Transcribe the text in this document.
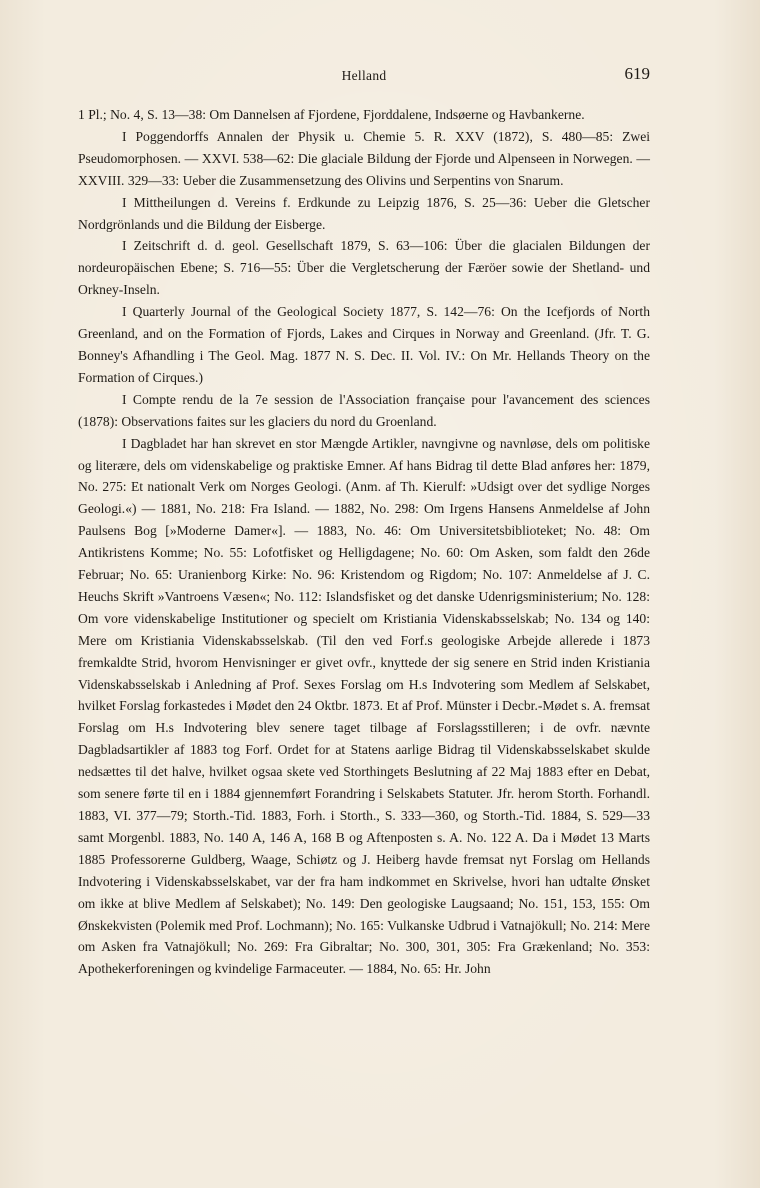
Helland	619

1 Pl.; No. 4, S. 13—38: Om Dannelsen af Fjordene, Fjorddalene, Indsøerne og Havbankerne.

I Poggendorffs Annalen der Physik u. Chemie 5. R. XXV (1872), S. 480—85: Zwei Pseudomorphosen. — XXVI. 538—62: Die glaciale Bildung der Fjorde und Alpenseen in Norwegen. — XXVIII. 329—33: Ueber die Zusammensetzung des Olivins und Serpentins von Snarum.

I Mittheilungen d. Vereins f. Erdkunde zu Leipzig 1876, S. 25—36: Ueber die Gletscher Nordgrönlands und die Bildung der Eisberge.

I Zeitschrift d. d. geol. Gesellschaft 1879, S. 63—106: Über die glacialen Bildungen der nordeuropäischen Ebene; S. 716—55: Über die Vergletscherung der Færöer sowie der Shetland- und Orkney-Inseln.

I Quarterly Journal of the Geological Society 1877, S. 142—76: On the Icefjords of North Greenland, and on the Formation of Fjords, Lakes and Cirques in Norway and Greenland. (Jfr. T. G. Bonney's Afhandling i The Geol. Mag. 1877 N. S. Dec. II. Vol. IV.: On Mr. Hellands Theory on the Formation of Cirques.)

I Compte rendu de la 7e session de l'Association française pour l'avancement des sciences (1878): Observations faites sur les glaciers du nord du Groenland.

I Dagbladet har han skrevet en stor Mængde Artikler, navngivne og navnløse, dels om politiske og literære, dels om videnskabelige og praktiske Emner. Af hans Bidrag til dette Blad anføres her: 1879, No. 275: Et nationalt Verk om Norges Geologi. (Anm. af Th. Kierulf: »Udsigt over det sydlige Norges Geologi.«) — 1881, No. 218: Fra Island. — 1882, No. 298: Om Irgens Hansens Anmeldelse af John Paulsens Bog [»Moderne Damer«]. — 1883, No. 46: Om Universitetsbiblioteket; No. 48: Om Antikristens Komme; No. 55: Lofotfisket og Helligdagene; No. 60: Om Asken, som faldt den 26de Februar; No. 65: Uranienborg Kirke: No. 96: Kristendom og Rigdom; No. 107: Anmeldelse af J. C. Heuchs Skrift »Vantroens Væsen«; No. 112: Islandsfisket og det danske Udenrigsministerium; No. 128: Om vore videnskabelige Institutioner og specielt om Kristiania Videnskabsselskab; No. 134 og 140: Mere om Kristiania Videnskabsselskab. (Til den ved Forf.s geologiske Arbejde allerede i 1873 fremkaldte Strid, hvorom Henvisninger er givet ovfr., knyttede der sig senere en Strid inden Kristiania Videnskabsselskab i Anledning af Prof. Sexes Forslag om H.s Indvotering som Medlem af Selskabet, hvilket Forslag forkastedes i Mødet den 24 Oktbr. 1873. Et af Prof. Münster i Decbr.-Mødet s. A. fremsat Forslag om H.s Indvotering blev senere taget tilbage af Forslagsstilleren; i de ovfr. nævnte Dagbladsartikler af 1883 tog Forf. Ordet for at Statens aarlige Bidrag til Videnskabsselskabet skulde nedsættes til det halve, hvilket ogsaa skete ved Storthingets Beslutning af 22 Maj 1883 efter en Debat, som senere førte til en i 1884 gjennemført Forandring i Selskabets Statuter. Jfr. herom Storth. Forhandl. 1883, VI. 377—79; Storth.-Tid. 1883, Forh. i Storth., S. 333—360, og Storth.-Tid. 1884, S. 529—33 samt Morgenbl. 1883, No. 140 A, 146 A, 168 B og Aftenposten s. A. No. 122 A. Da i Mødet 13 Marts 1885 Professorerne Guldberg, Waage, Schiøtz og J. Heiberg havde fremsat nyt Forslag om Hellands Indvotering i Videnskabsselskabet, var der fra ham indkommet en Skrivelse, hvori han udtalte Ønsket om ikke at blive Medlem af Selskabet); No. 149: Den geologiske Laugsaand; No. 151, 153, 155: Om Ønskekvisten (Polemik med Prof. Lochmann); No. 165: Vulkanske Udbrud i Vatnajökull; No. 214: Mere om Asken fra Vatnajökull; No. 269: Fra Gibraltar; No. 300, 301, 305: Fra Grækenland; No. 353: Apothekerforeningen og kvindelige Farmaceuter. — 1884, No. 65: Hr. John
